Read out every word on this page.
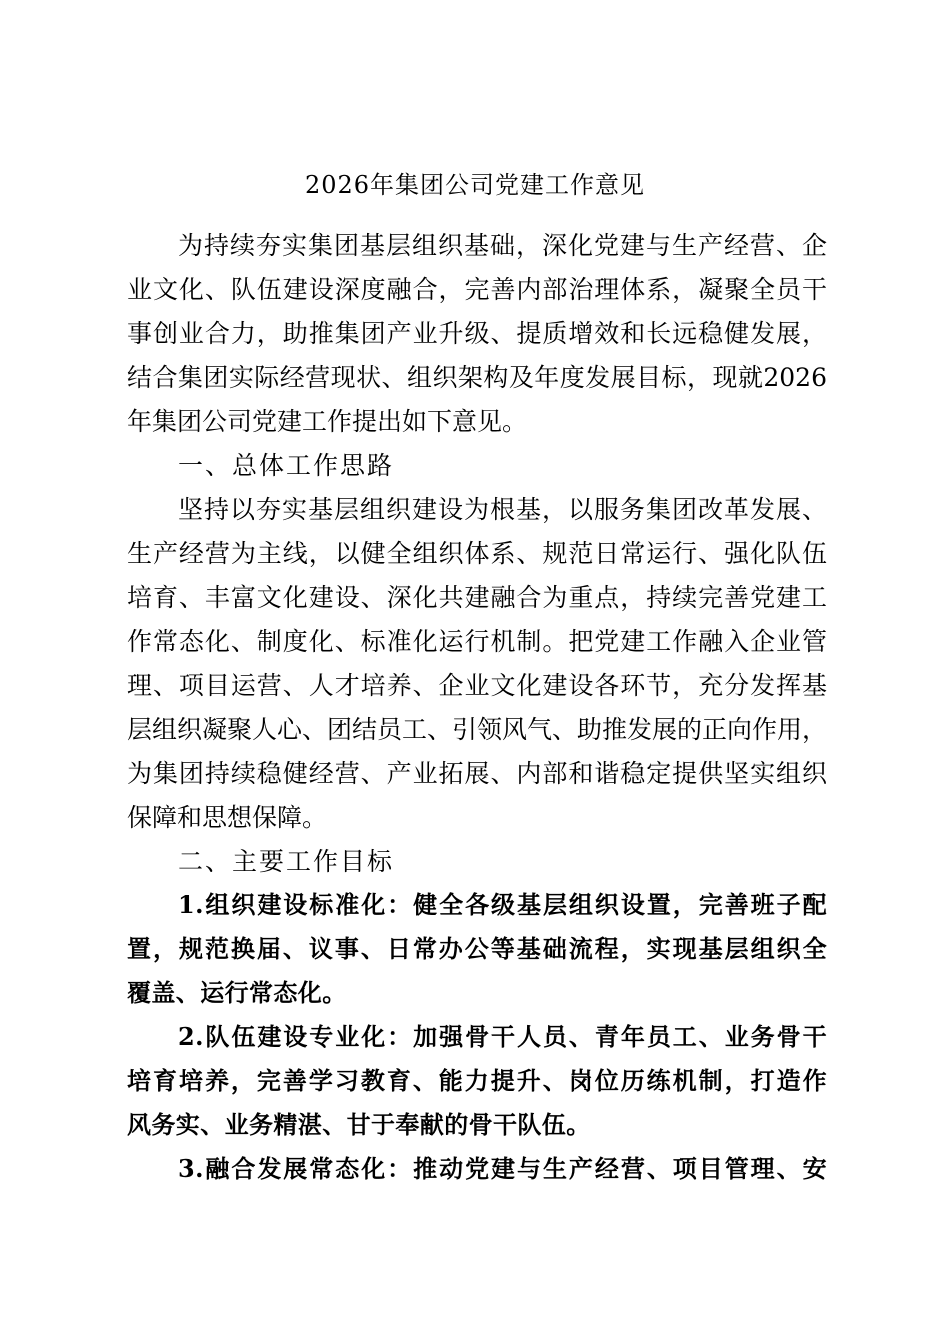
2026年集团公司党建工作意见
为持续夯实集团基层组织基础，深化党建与生产经营、企
业文化、队伍建设深度融合，完善内部治理体系，凝聚全员干
事创业合力，助推集团产业升级、提质增效和长远稳健发展，
结合集团实际经营现状、组织架构及年度发展目标，现就2026
年集团公司党建工作提出如下意见。
一、总体工作思路
坚持以夯实基层组织建设为根基，以服务集团改革发展、
生产经营为主线，以健全组织体系、规范日常运行、强化队伍
培育、丰富文化建设、深化共建融合为重点，持续完善党建工
作常态化、制度化、标准化运行机制。把党建工作融入企业管
理、项目运营、人才培养、企业文化建设各环节，充分发挥基
层组织凝聚人心、团结员工、引领风气、助推发展的正向作用，
为集团持续稳健经营、产业拓展、内部和谐稳定提供坚实组织
保障和思想保障。
二、主要工作目标
1.组织建设标准化：健全各级基层组织设置，完善班子配
置，规范换届、议事、日常办公等基础流程，实现基层组织全
覆盖、运行常态化。
2.队伍建设专业化：加强骨干人员、青年员工、业务骨干
培育培养，完善学习教育、能力提升、岗位历练机制，打造作
风务实、业务精湛、甘于奉献的骨干队伍。
3.融合发展常态化：推动党建与生产经营、项目管理、安
